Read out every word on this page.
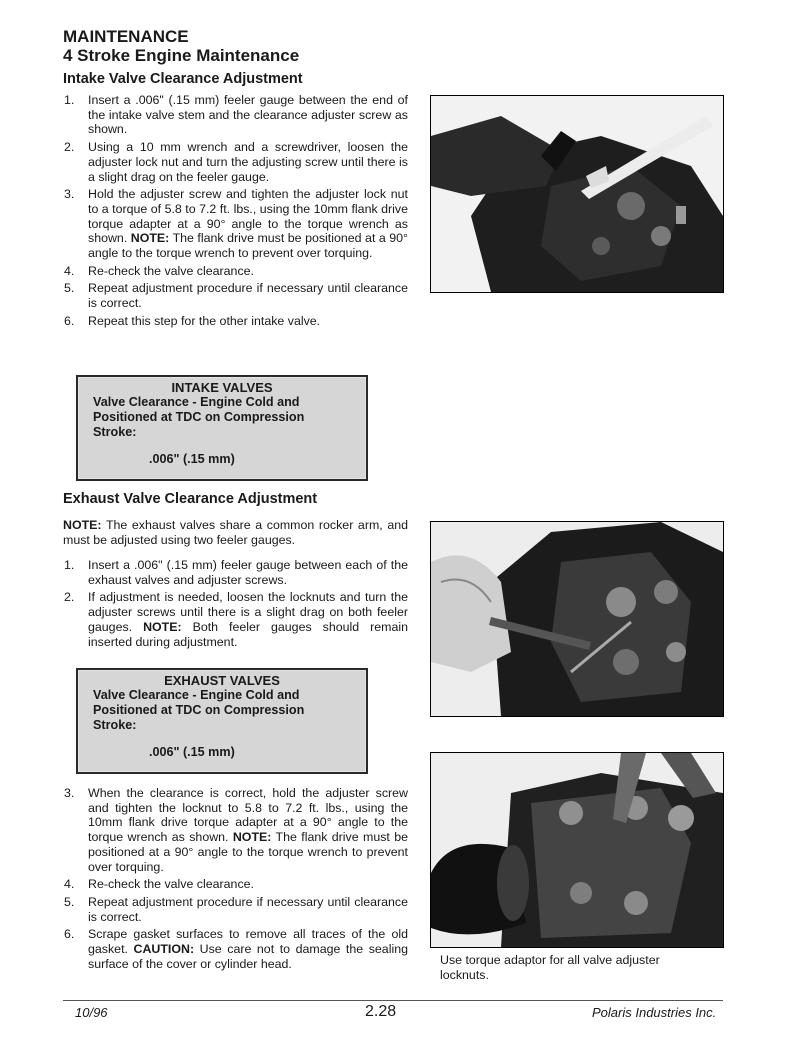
MAINTENANCE
4 Stroke Engine Maintenance
Intake Valve Clearance Adjustment
1. Insert a .006" (.15 mm) feeler gauge between the end of the intake valve stem and the clearance adjuster screw as shown.
2. Using a 10 mm wrench and a screwdriver, loosen the adjuster lock nut and turn the adjusting screw until there is a slight drag on the feeler gauge.
3. Hold the adjuster screw and tighten the adjuster lock nut to a torque of 5.8 to 7.2 ft. lbs., using the 10mm flank drive torque adapter at a 90° angle to the torque wrench as shown. NOTE: The flank drive must be positioned at a 90° angle to the torque wrench to prevent over torquing.
4. Re-check the valve clearance.
5. Repeat adjustment procedure if necessary until clearance is correct.
6. Repeat this step for the other intake valve.
INTAKE VALVES
Valve Clearance - Engine Cold and
Positioned at TDC on Compression
Stroke:
.006" (.15 mm)
Exhaust Valve Clearance Adjustment
NOTE: The exhaust valves share a common rocker arm, and must be adjusted using two feeler gauges.
1. Insert a .006" (.15 mm) feeler gauge between each of the exhaust valves and adjuster screws.
2. If adjustment is needed, loosen the locknuts and turn the adjuster screws until there is a slight drag on both feeler gauges. NOTE: Both feeler gauges should remain inserted during adjustment.
EXHAUST VALVES
Valve Clearance - Engine Cold and
Positioned at TDC on Compression
Stroke:
.006" (.15 mm)
3. When the clearance is correct, hold the adjuster screw and tighten the locknut to 5.8 to 7.2 ft. lbs., using the 10mm flank drive torque adapter at a 90° angle to the torque wrench as shown. NOTE: The flank drive must be positioned at a 90° angle to the torque wrench to prevent over torquing.
4. Re-check the valve clearance.
5. Repeat adjustment procedure if necessary until clearance is correct.
6. Scrape gasket surfaces to remove all traces of the old gasket. CAUTION: Use care not to damage the sealing surface of the cover or cylinder head.	Use torque adaptor for all valve adjuster locknuts.
10/96	2.28	Polaris Industries Inc.
